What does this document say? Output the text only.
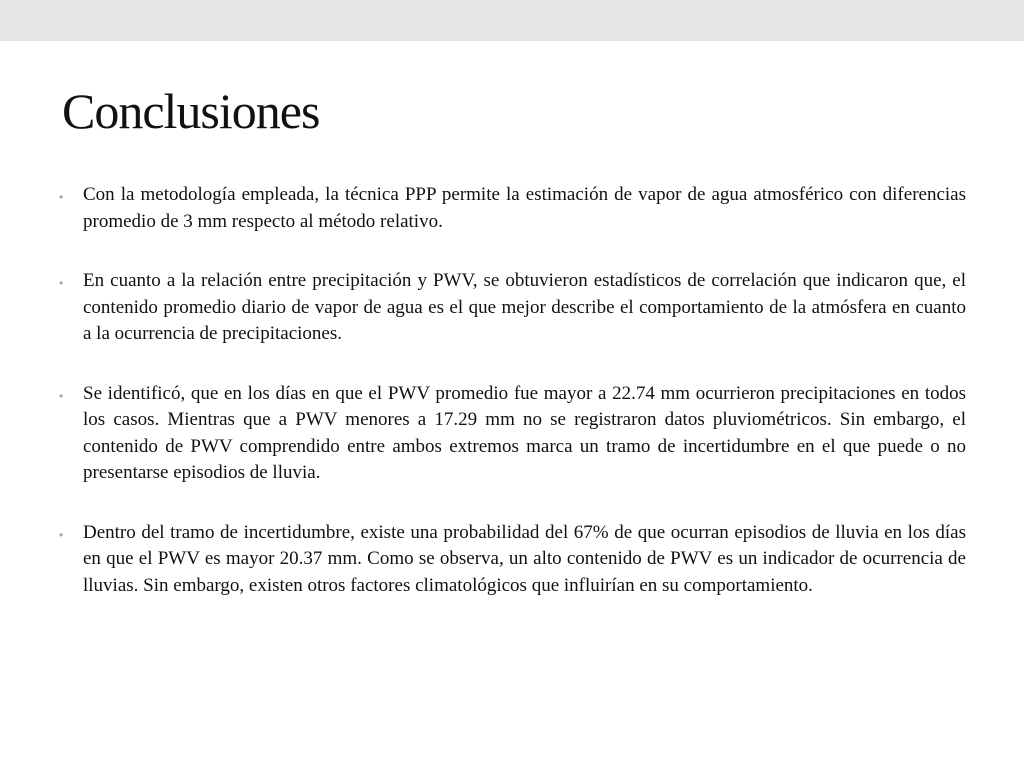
Conclusiones
• Con la metodología empleada, la técnica PPP permite la estimación de vapor de agua atmosférico con diferencias promedio de 3 mm respecto al método relativo.
• En cuanto a la relación entre precipitación y PWV, se obtuvieron estadísticos de correlación que indicaron que, el contenido promedio diario de vapor de agua es el que mejor describe el comportamiento de la atmósfera en cuanto a la ocurrencia de precipitaciones.
• Se identificó, que en los días en que el PWV promedio fue mayor a 22.74 mm ocurrieron precipitaciones en todos los casos. Mientras que a PWV menores a 17.29 mm no se registraron datos pluviométricos. Sin embargo, el contenido de PWV comprendido entre ambos extremos marca un tramo de incertidumbre en el que puede o no presentarse episodios de lluvia.
• Dentro del tramo de incertidumbre, existe una probabilidad del 67% de que ocurran episodios de lluvia en los días en que el PWV es mayor 20.37 mm. Como se observa, un alto contenido de PWV es un indicador de ocurrencia de lluvias. Sin embargo, existen otros factores climatológicos que influirían en su comportamiento.
